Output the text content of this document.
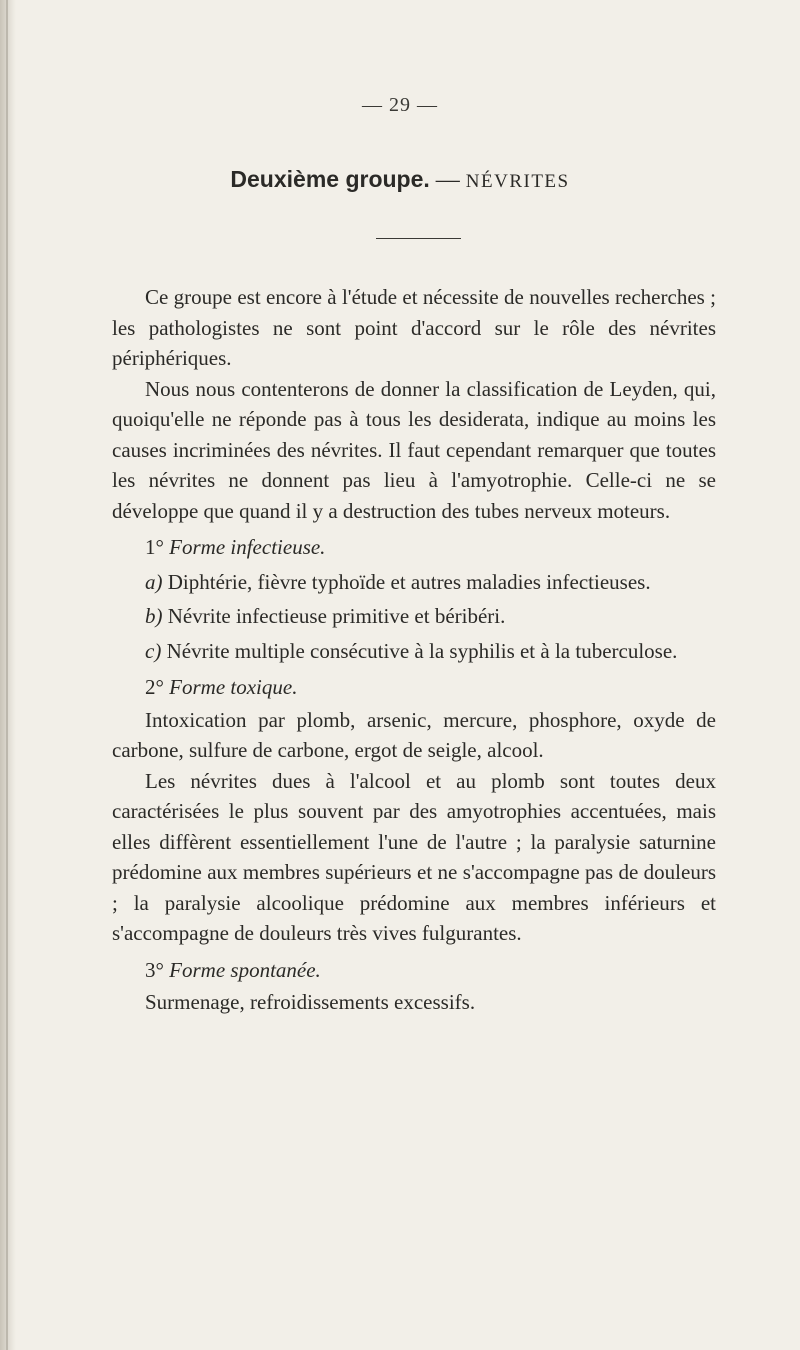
— 29 —
Deuxième groupe. — NÉVRITES

Ce groupe est encore à l'étude et nécessite de nouvelles recherches ; les pathologistes ne sont point d'accord sur le rôle des névrites périphériques.

Nous nous contenterons de donner la classification de Leyden, qui, quoiqu'elle ne réponde pas à tous les desiderata, indique au moins les causes incriminées des névrites. Il faut cependant remarquer que toutes les névrites ne donnent pas lieu à l'amyotrophie. Celle-ci ne se développe que quand il y a destruction des tubes nerveux moteurs.

1° Forme infectieuse.

a) Diphtérie, fièvre typhoïde et autres maladies infectieuses.

b) Névrite infectieuse primitive et béribéri.

c) Névrite multiple consécutive à la syphilis et à la tuberculose.

2° Forme toxique.

Intoxication par plomb, arsenic, mercure, phosphore, oxyde de carbone, sulfure de carbone, ergot de seigle, alcool.

Les névrites dues à l'alcool et au plomb sont toutes deux caractérisées le plus souvent par des amyotrophies accentuées, mais elles diffèrent essentiellement l'une de l'autre ; la paralysie saturnine prédomine aux membres supérieurs et ne s'accompagne pas de douleurs ; la paralysie alcoolique prédomine aux membres inférieurs et s'accompagne de douleurs très vives fulgurantes.

3° Forme spontanée.

Surmenage, refroidissements excessifs.
